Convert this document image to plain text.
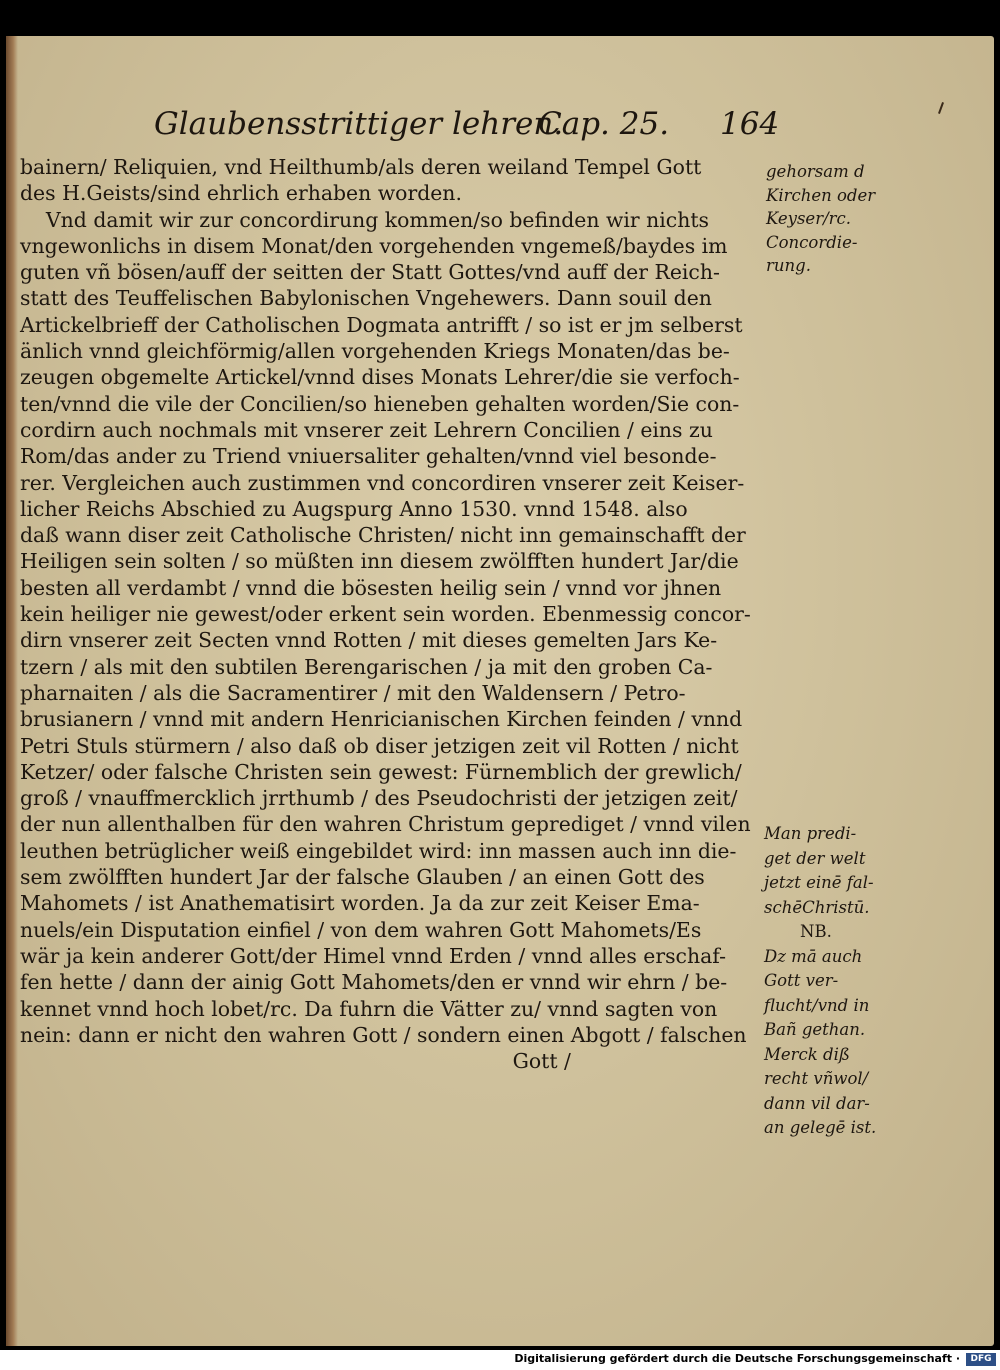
Glaubensstrittiger lehren.
Cap. 25. 164
bainern/ Reliquien, vnd Heilthumb/als deren weiland Tempel Gott
des H.Geists/sind ehrlich erhaben worden.
Vnd damit wir zur concordirung kommen/so befinden wir nichts
vngewonlichs in disem Monat/den vorgehenden vngemeß/baydes im
guten vñ bösen/auff der seitten der Statt Gottes/vnd auff der Reich-
statt des Teuffelischen Babylonischen Vngehewers. Dann souil den
Artickelbrieff der Catholischen Dogmata antrifft / so ist er jm selberst
änlich vnnd gleichförmig/allen vorgehenden Kriegs Monaten/das be-
zeugen obgemelte Artickel/vnnd dises Monats Lehrer/die sie verfoch-
ten/vnnd die vile der Concilien/so hieneben gehalten worden/Sie con-
cordirn auch nochmals mit vnserer zeit Lehrern Concilien / eins zu
Rom/das ander zu Triend vniuersaliter gehalten/vnnd viel besonde-
rer. Vergleichen auch zustimmen vnd concordiren vnserer zeit Keiser-
licher Reichs Abschied zu Augspurg Anno 1530. vnnd 1548. also
daß wann diser zeit Catholische Christen/ nicht inn gemainschafft der
Heiligen sein solten / so müßten inn diesem zwölfften hundert Jar/die
besten all verdambt / vnnd die bösesten heilig sein / vnnd vor jhnen
kein heiliger nie gewest/oder erkent sein worden. Ebenmessig concor-
dirn vnserer zeit Secten vnnd Rotten / mit dieses gemelten Jars Ke-
tzern / als mit den subtilen Berengarischen / ja mit den groben Ca-
pharnaiten / als die Sacramentirer / mit den Waldensern / Petro-
brusianern / vnnd mit andern Henricianischen Kirchen feinden / vnnd
Petri Stuls stürmern / also daß ob diser jetzigen zeit vil Rotten / nicht
Ketzer/ oder falsche Christen sein gewest: Fürnemblich der grewlich/
groß / vnauffmercklich jrrthumb / des Pseudochristi der jetzigen zeit/
der nun allenthalben für den wahren Christum geprediget / vnnd vilen
leuthen betrüglicher weiß eingebildet wird: inn massen auch inn die-
sem zwölfften hundert Jar der falsche Glauben / an einen Gott des
Mahomets / ist Anathematisirt worden. Ja da zur zeit Keiser Ema-
nuels/ein Disputation einfiel / von dem wahren Gott Mahomets/Es
wär ja kein anderer Gott/der Himel vnnd Erden / vnnd alles erschaf-
fen hette / dann der ainig Gott Mahomets/den er vnnd wir ehrn / be-
kennet vnnd hoch lobet/rc. Da fuhrn die Vätter zu/ vnnd sagten von
nein: dann er nicht den wahren Gott / sondern einen Abgott / falschen
Gott /
gehorsam d
Kirchen oder
Keyser/rc.
Concordie-
rung.
Man predi-
get der welt
jetzt einē fal-
schēChristū.
NB.
Dz mā auch
Gott ver-
flucht/vnd in
Bañ gethan.
Merck diß
recht vñwol/
dann vil dar-
an gelegē ist.
Digitalisierung gefördert durch die Deutsche Forschungsgemeinschaft ·	DFG
